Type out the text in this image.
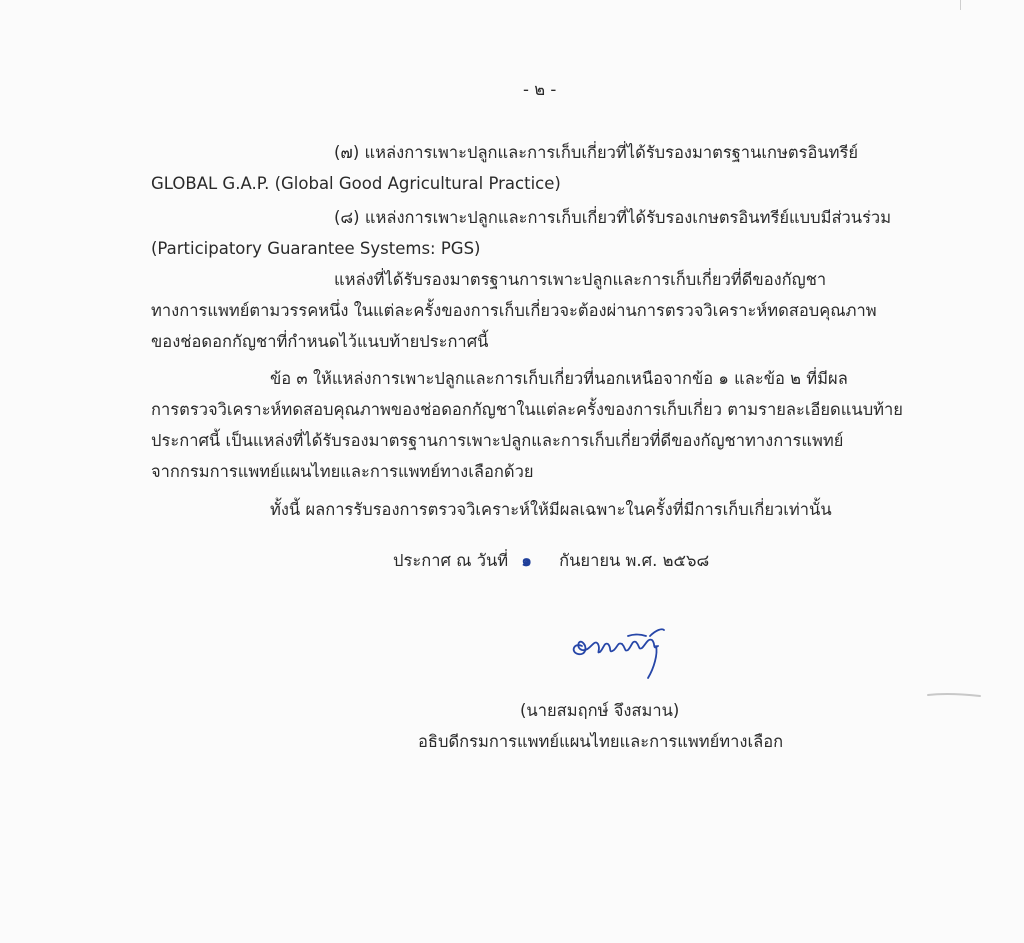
- ๒ -
(๗) แหล่งการเพาะปลูกและการเก็บเกี่ยวที่ได้รับรองมาตรฐานเกษตรอินทรีย์
GLOBAL G.A.P. (Global Good Agricultural Practice)
(๘) แหล่งการเพาะปลูกและการเก็บเกี่ยวที่ได้รับรองเกษตรอินทรีย์แบบมีส่วนร่วม
(Participatory Guarantee Systems: PGS)
แหล่งที่ได้รับรองมาตรฐานการเพาะปลูกและการเก็บเกี่ยวที่ดีของกัญชา
ทางการแพทย์ตามวรรคหนึ่ง ในแต่ละครั้งของการเก็บเกี่ยวจะต้องผ่านการตรวจวิเคราะห์ทดสอบคุณภาพ
ของช่อดอกกัญชาที่กำหนดไว้แนบท้ายประกาศนี้
ข้อ ๓ ให้แหล่งการเพาะปลูกและการเก็บเกี่ยวที่นอกเหนือจากข้อ ๑ และข้อ ๒ ที่มีผล
การตรวจวิเคราะห์ทดสอบคุณภาพของช่อดอกกัญชาในแต่ละครั้งของการเก็บเกี่ยว ตามรายละเอียดแนบท้าย
ประกาศนี้ เป็นแหล่งที่ได้รับรองมาตรฐานการเพาะปลูกและการเก็บเกี่ยวที่ดีของกัญชาทางการแพทย์
จากกรมการแพทย์แผนไทยและการแพทย์ทางเลือกด้วย
ทั้งนี้ ผลการรับรองการตรวจวิเคราะห์ให้มีผลเฉพาะในครั้งที่มีการเก็บเกี่ยวเท่านั้น
ประกาศ ณ วันที่ ๑ กันยายน พ.ศ. ๒๕๖๘
(นายสมฤกษ์ จึงสมาน)
อธิบดีกรมการแพทย์แผนไทยและการแพทย์ทางเลือก
